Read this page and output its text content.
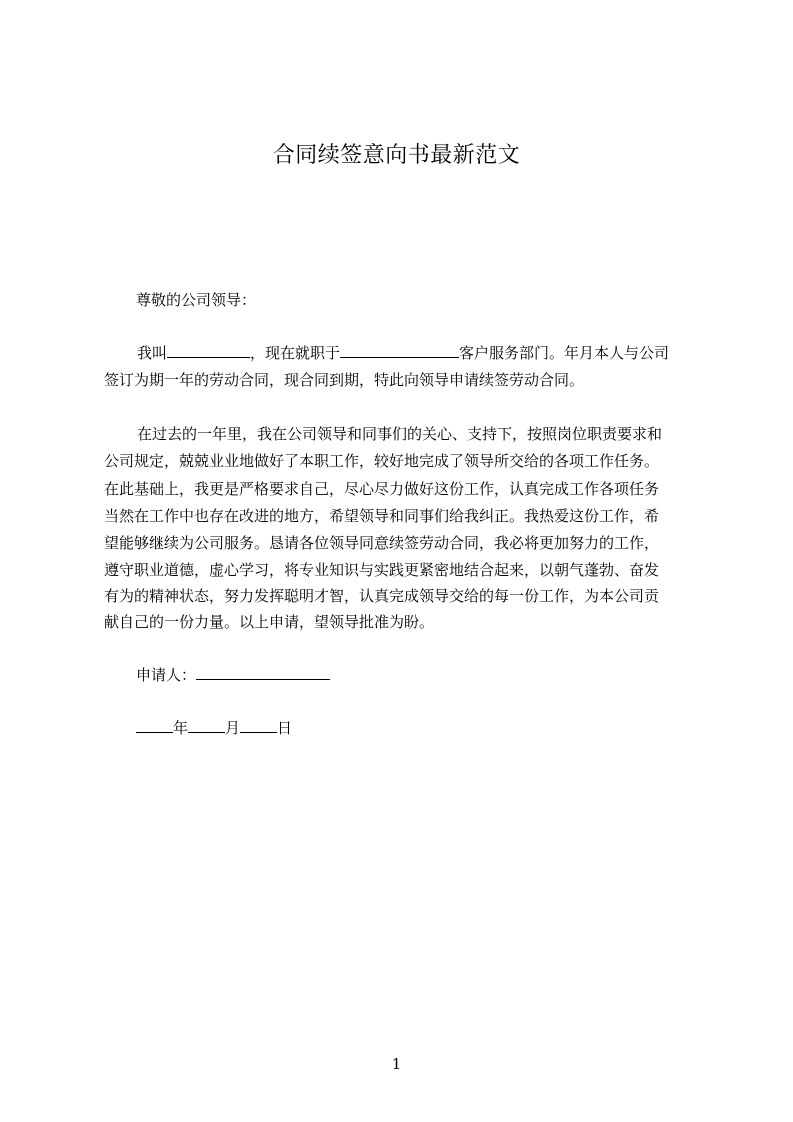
合同续签意向书最新范文
尊敬的公司领导：
我叫	，现在就职于	客户服务部门。年月本人与公司
签订为期一年的劳动合同，现合同到期，特此向领导申请续签劳动合同。
在过去的一年里，我在公司领导和同事们的关心、支持下，按照岗位职责要求和
公司规定，兢兢业业地做好了本职工作，较好地完成了领导所交给的各项工作任务。
在此基础上，我更是严格要求自己，尽心尽力做好这份工作，认真完成工作各项任务
当然在工作中也存在改进的地方，希望领导和同事们给我纠正。我热爱这份工作，希
望能够继续为公司服务。恳请各位领导同意续签劳动合同，我必将更加努力的工作，
遵守职业道德，虚心学习，将专业知识与实践更紧密地结合起来，以朝气蓬勃、奋发
有为的精神状态，努力发挥聪明才智，认真完成领导交给的每一份工作，为本公司贡
献自己的一份力量。以上申请，望领导批准为盼。
申请人：
年 月 日
1
